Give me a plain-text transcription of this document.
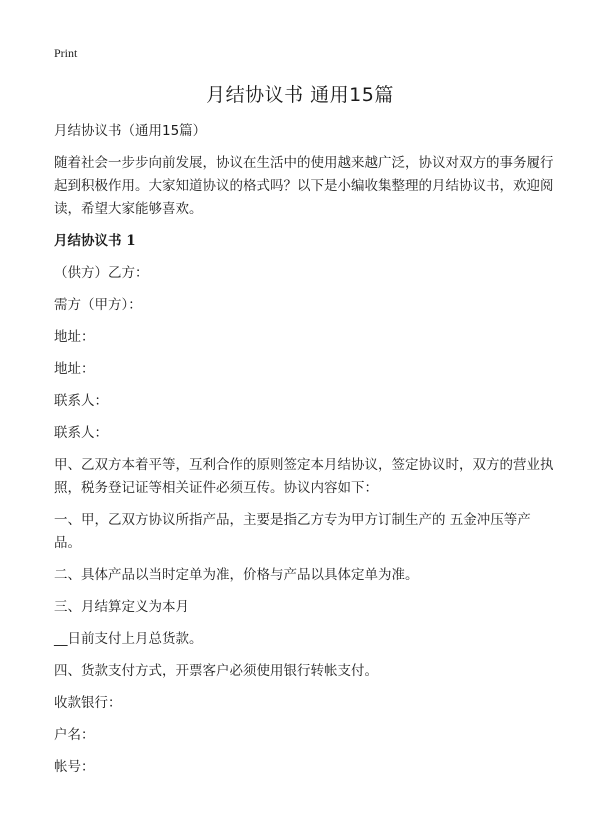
Print
月结协议书 通用15篇

月结协议书（通用15篇）

随着社会一步步向前发展，协议在生活中的使用越来越广泛，协议对双方的事务履行起到积极作用。大家知道协议的格式吗？以下是小编收集整理的月结协议书，欢迎阅读，希望大家能够喜欢。

月结协议书 1

（供方）乙方：

需方（甲方）：

地址：

地址：

联系人：

联系人：

甲、乙双方本着平等，互利合作的原则签定本月结协议，签定协议时，双方的营业执照，税务登记证等相关证件必须互传。协议内容如下：

一、甲，乙双方协议所指产品，主要是指乙方专为甲方订制生产的 五金冲压等产品。

二、具体产品以当时定单为准，价格与产品以具体定单为准。

三、月结算定义为本月

__日前支付上月总货款。

四、货款支付方式，开票客户必须使用银行转帐支付。

收款银行：

户名：

帐号：
